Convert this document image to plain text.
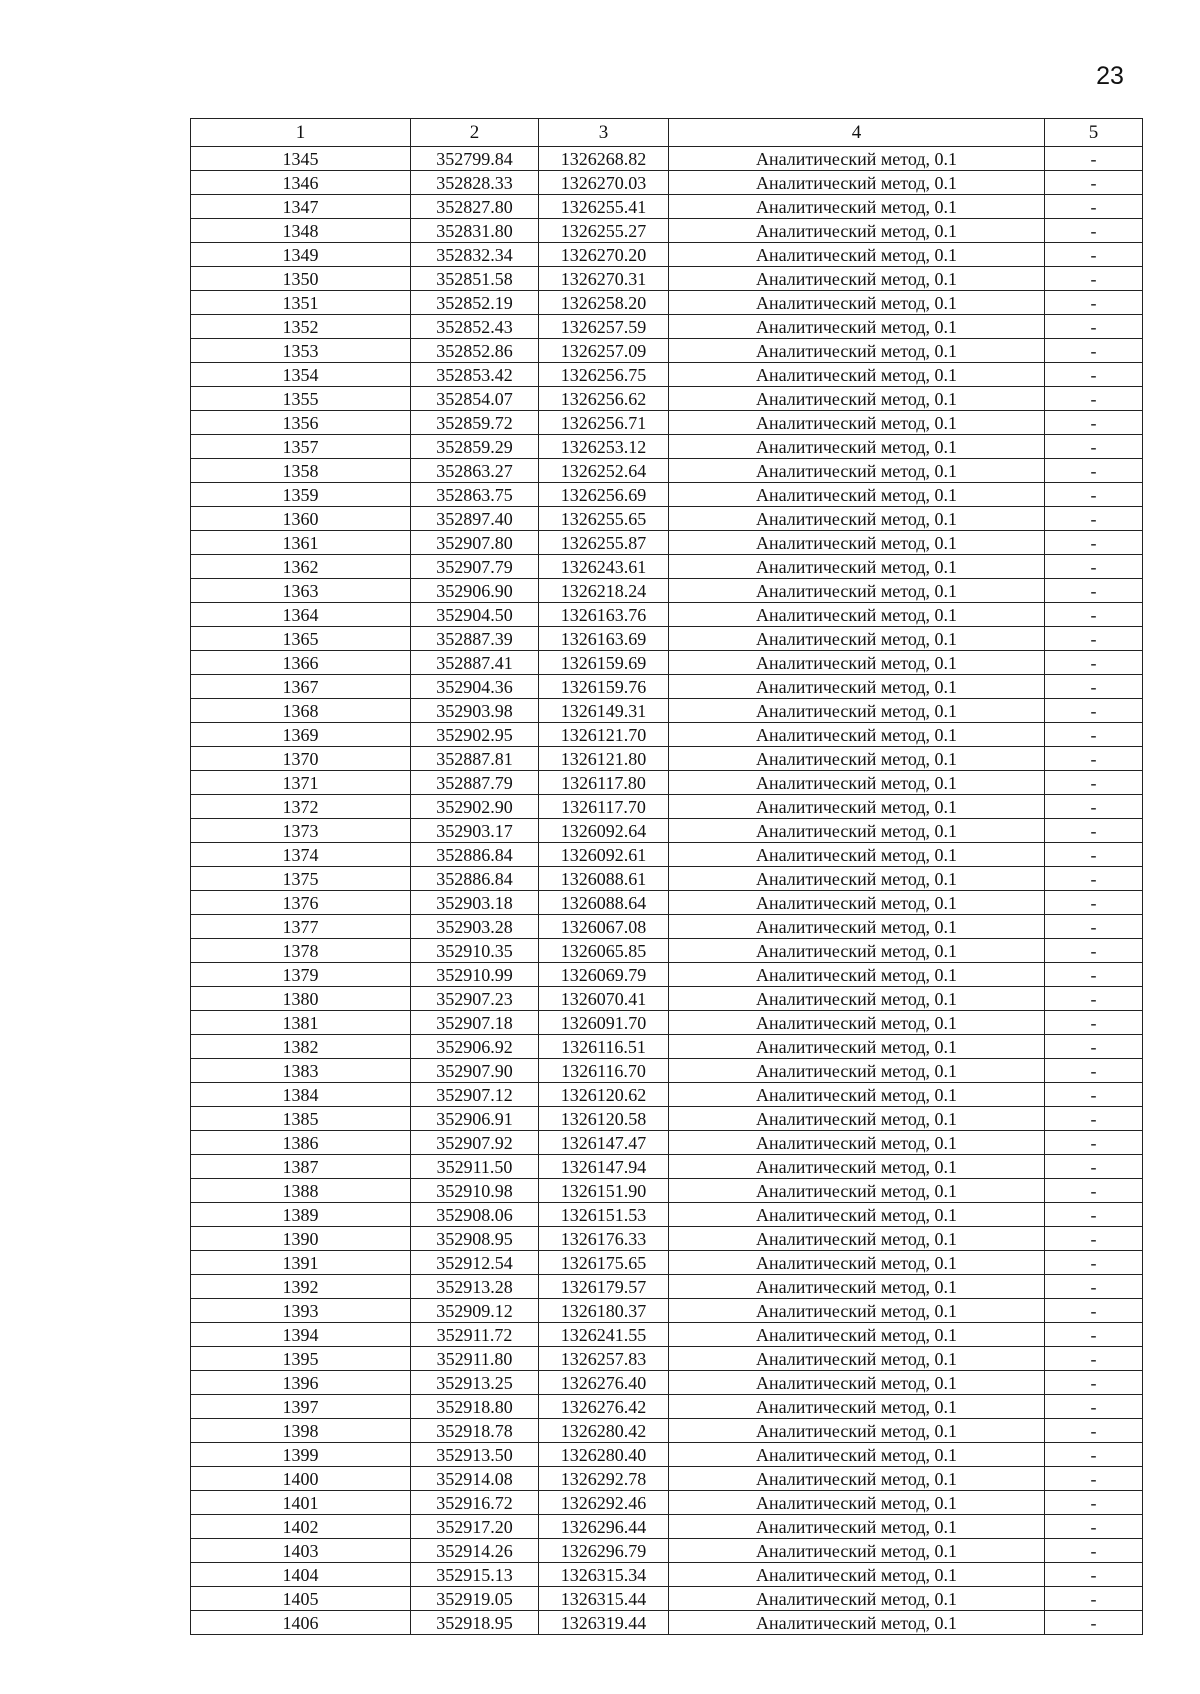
23
1	2	3	4	5
1345	352799.84	1326268.82	Аналитический метод, 0.1	-
1346	352828.33	1326270.03	Аналитический метод, 0.1	-
1347	352827.80	1326255.41	Аналитический метод, 0.1	-
1348	352831.80	1326255.27	Аналитический метод, 0.1	-
1349	352832.34	1326270.20	Аналитический метод, 0.1	-
1350	352851.58	1326270.31	Аналитический метод, 0.1	-
1351	352852.19	1326258.20	Аналитический метод, 0.1	-
1352	352852.43	1326257.59	Аналитический метод, 0.1	-
1353	352852.86	1326257.09	Аналитический метод, 0.1	-
1354	352853.42	1326256.75	Аналитический метод, 0.1	-
1355	352854.07	1326256.62	Аналитический метод, 0.1	-
1356	352859.72	1326256.71	Аналитический метод, 0.1	-
1357	352859.29	1326253.12	Аналитический метод, 0.1	-
1358	352863.27	1326252.64	Аналитический метод, 0.1	-
1359	352863.75	1326256.69	Аналитический метод, 0.1	-
1360	352897.40	1326255.65	Аналитический метод, 0.1	-
1361	352907.80	1326255.87	Аналитический метод, 0.1	-
1362	352907.79	1326243.61	Аналитический метод, 0.1	-
1363	352906.90	1326218.24	Аналитический метод, 0.1	-
1364	352904.50	1326163.76	Аналитический метод, 0.1	-
1365	352887.39	1326163.69	Аналитический метод, 0.1	-
1366	352887.41	1326159.69	Аналитический метод, 0.1	-
1367	352904.36	1326159.76	Аналитический метод, 0.1	-
1368	352903.98	1326149.31	Аналитический метод, 0.1	-
1369	352902.95	1326121.70	Аналитический метод, 0.1	-
1370	352887.81	1326121.80	Аналитический метод, 0.1	-
1371	352887.79	1326117.80	Аналитический метод, 0.1	-
1372	352902.90	1326117.70	Аналитический метод, 0.1	-
1373	352903.17	1326092.64	Аналитический метод, 0.1	-
1374	352886.84	1326092.61	Аналитический метод, 0.1	-
1375	352886.84	1326088.61	Аналитический метод, 0.1	-
1376	352903.18	1326088.64	Аналитический метод, 0.1	-
1377	352903.28	1326067.08	Аналитический метод, 0.1	-
1378	352910.35	1326065.85	Аналитический метод, 0.1	-
1379	352910.99	1326069.79	Аналитический метод, 0.1	-
1380	352907.23	1326070.41	Аналитический метод, 0.1	-
1381	352907.18	1326091.70	Аналитический метод, 0.1	-
1382	352906.92	1326116.51	Аналитический метод, 0.1	-
1383	352907.90	1326116.70	Аналитический метод, 0.1	-
1384	352907.12	1326120.62	Аналитический метод, 0.1	-
1385	352906.91	1326120.58	Аналитический метод, 0.1	-
1386	352907.92	1326147.47	Аналитический метод, 0.1	-
1387	352911.50	1326147.94	Аналитический метод, 0.1	-
1388	352910.98	1326151.90	Аналитический метод, 0.1	-
1389	352908.06	1326151.53	Аналитический метод, 0.1	-
1390	352908.95	1326176.33	Аналитический метод, 0.1	-
1391	352912.54	1326175.65	Аналитический метод, 0.1	-
1392	352913.28	1326179.57	Аналитический метод, 0.1	-
1393	352909.12	1326180.37	Аналитический метод, 0.1	-
1394	352911.72	1326241.55	Аналитический метод, 0.1	-
1395	352911.80	1326257.83	Аналитический метод, 0.1	-
1396	352913.25	1326276.40	Аналитический метод, 0.1	-
1397	352918.80	1326276.42	Аналитический метод, 0.1	-
1398	352918.78	1326280.42	Аналитический метод, 0.1	-
1399	352913.50	1326280.40	Аналитический метод, 0.1	-
1400	352914.08	1326292.78	Аналитический метод, 0.1	-
1401	352916.72	1326292.46	Аналитический метод, 0.1	-
1402	352917.20	1326296.44	Аналитический метод, 0.1	-
1403	352914.26	1326296.79	Аналитический метод, 0.1	-
1404	352915.13	1326315.34	Аналитический метод, 0.1	-
1405	352919.05	1326315.44	Аналитический метод, 0.1	-
1406	352918.95	1326319.44	Аналитический метод, 0.1	-
